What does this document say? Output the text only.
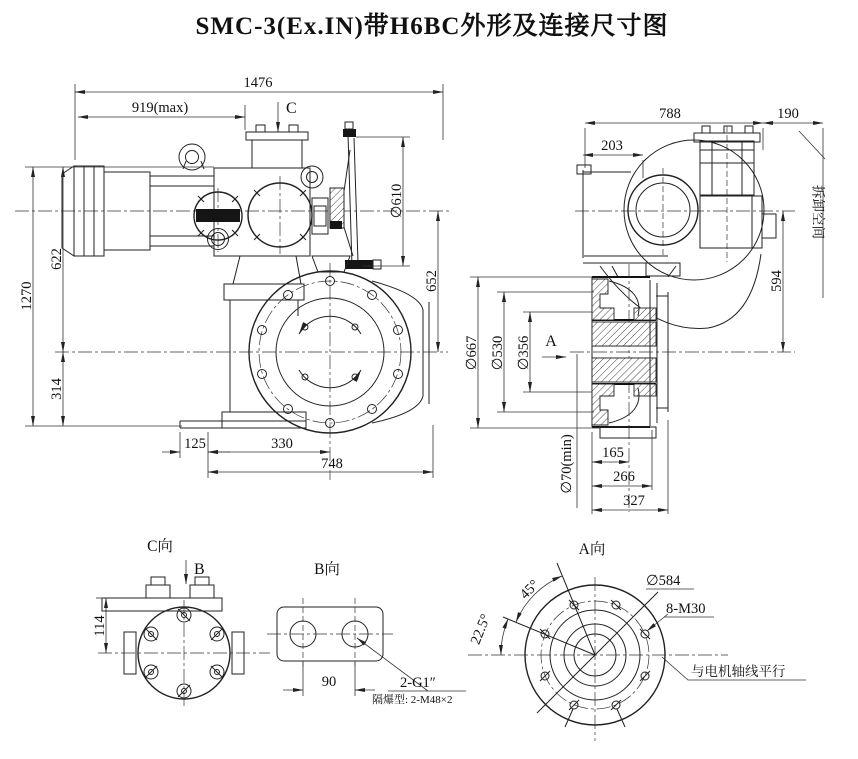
SMC-3(Ex.IN)带H6BC外形及连接尺寸图
1476
919(max)	C
∅610
652
1270
622
314
125	330
748
788	190
拆卸空间
203
594
∅667 ∅530 ∅356 A
∅70(min) 165
266
327
C向
B
114
B向
90	2-G1″
隔爆型: 2-M48×2
A向
45°
22.5°
∅584
8-M30
与电机轴线平行
